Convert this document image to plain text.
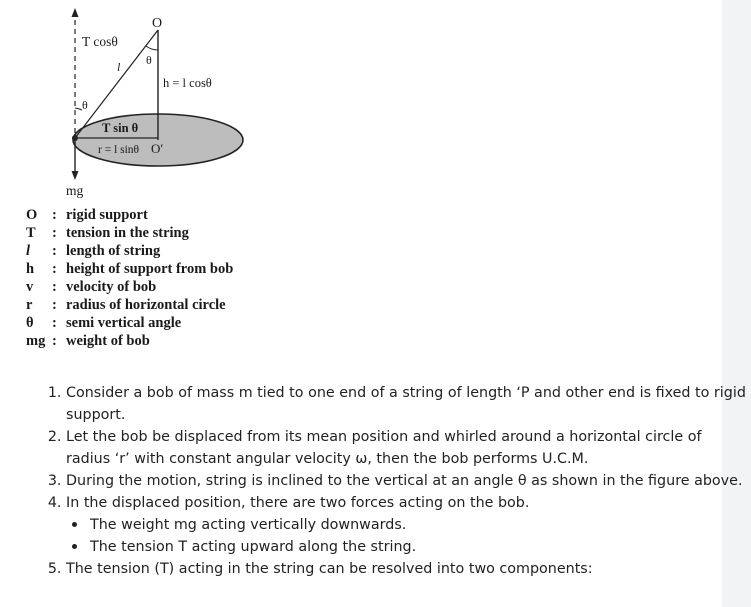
O
T cosθ
l θ
h = l cosθ
θ
T sin θ
r = l sinθ O′
mg
O	: rigid support
T	: tension in the string
l	: length of string
h	: height of support from bob
v	: velocity of bob
r	: radius of horizontal circle
θ	: semi vertical angle
mg : weight of bob
1. Consider a bob of mass m tied to one end of a string of length ‘P and other end is fixed to rigid support.
2. Let the bob be displaced from its mean position and whirled around a horizontal circle of radius ‘r’ with constant angular velocity ω, then the bob performs U.C.M.
3. During the motion, string is inclined to the vertical at an angle θ as shown in the figure above.
4. In the displaced position, there are two forces acting on the bob.
The weight mg acting vertically downwards.
The tension T acting upward along the string.
5. The tension (T) acting in the string can be resolved into two components:
